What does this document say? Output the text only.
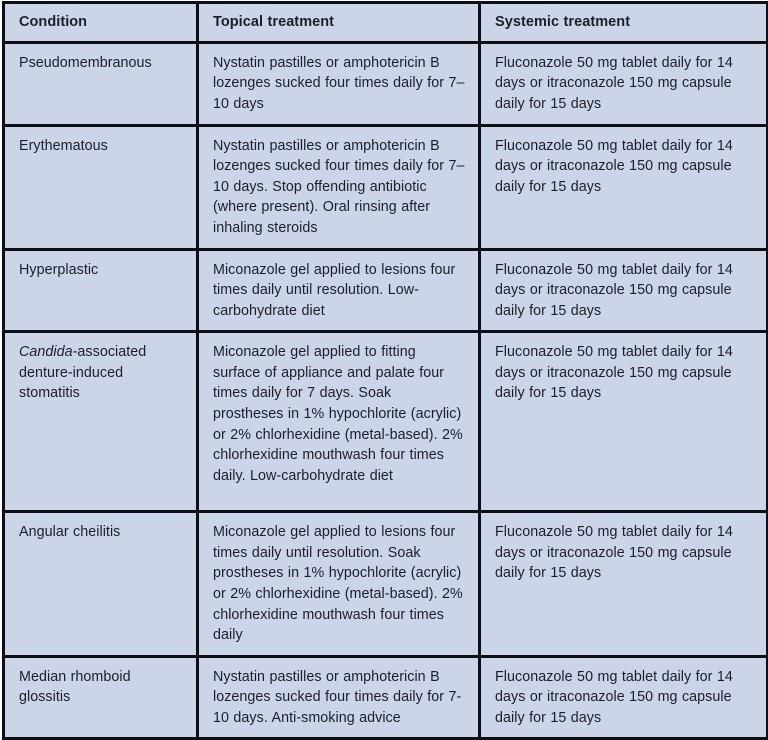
Condition	Topical treatment	Systemic treatment

Pseudomembranous	Nystatin pastilles or amphotericin B lozenges sucked four times daily for 7–10 days	Fluconazole 50 mg tablet daily for 14 days or itraconazole 150 mg capsule daily for 15 days

Erythematous	Nystatin pastilles or amphotericin B lozenges sucked four times daily for 7–10 days. Stop offending antibiotic (where present). Oral rinsing after inhaling steroids	Fluconazole 50 mg tablet daily for 14 days or itraconazole 150 mg capsule daily for 15 days

Hyperplastic	Miconazole gel applied to lesions four times daily until resolution. Low-carbohydrate diet	Fluconazole 50 mg tablet daily for 14 days or itraconazole 150 mg capsule daily for 15 days

Candida-associated denture-induced stomatitis	Miconazole gel applied to fitting surface of appliance and palate four times daily for 7 days. Soak prostheses in 1% hypochlorite (acrylic) or 2% chlorhexidine (metal-based). 2% chlorhexidine mouthwash four times daily. Low-carbohydrate diet	Fluconazole 50 mg tablet daily for 14 days or itraconazole 150 mg capsule daily for 15 days

Angular cheilitis	Miconazole gel applied to lesions four times daily until resolution. Soak prostheses in 1% hypochlorite (acrylic) or 2% chlorhexidine (metal-based). 2% chlorhexidine mouthwash four times daily	Fluconazole 50 mg tablet daily for 14 days or itraconazole 150 mg capsule daily for 15 days

Median rhomboid glossitis	Nystatin pastilles or amphotericin B lozenges sucked four times daily for 7-10 days. Anti-smoking advice	Fluconazole 50 mg tablet daily for 14 days or itraconazole 150 mg capsule daily for 15 days
